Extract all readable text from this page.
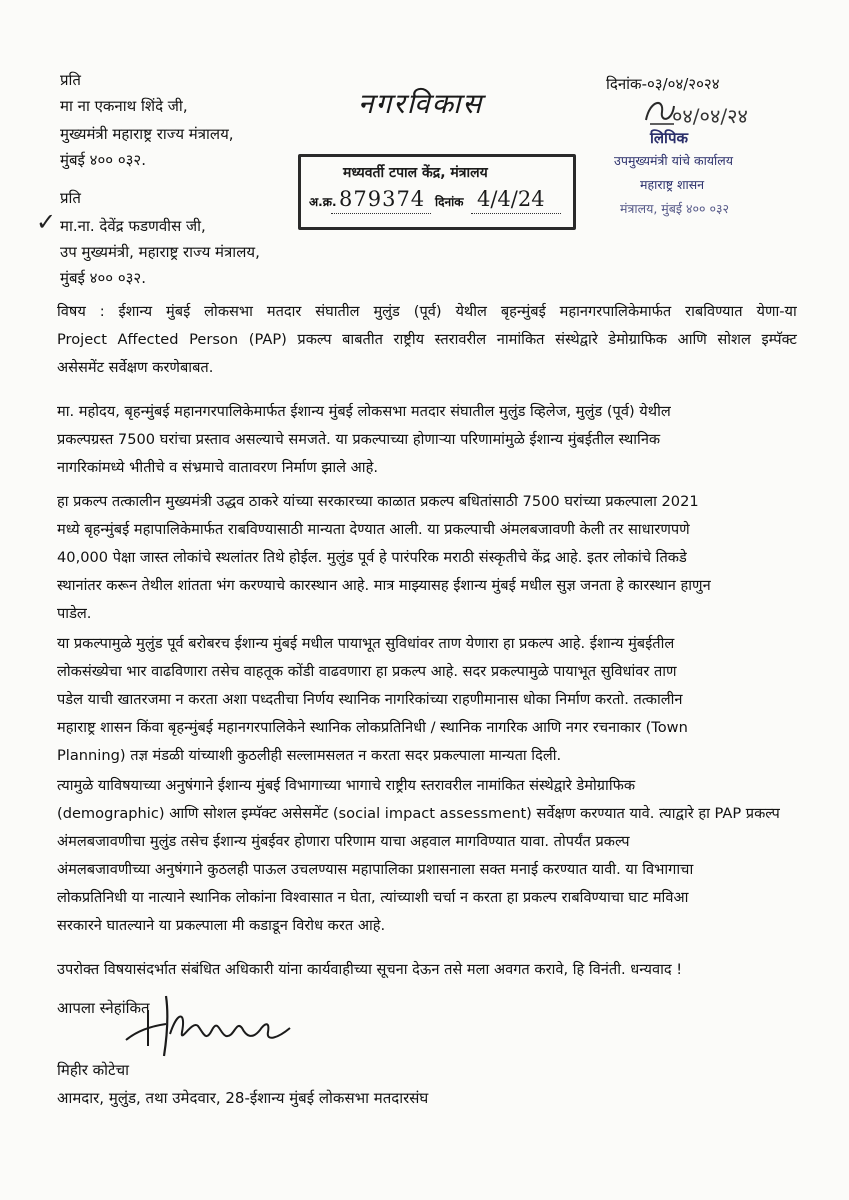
प्रति
मा ना एकनाथ शिंदे जी,
मुख्यमंत्री महाराष्ट्र राज्य मंत्रालय,
मुंबई ४०० ०३२.
प्रति
✓ मा.ना. देवेंद्र फडणवीस जी,
उप मुख्यमंत्री, महाराष्ट्र राज्य मंत्रालय,
मुंबई ४०० ०३२.
नगरविकास
मध्यवर्ती टपाल केंद्र, मंत्रालय
अ.क्र. 879374 दिनांक 4/4/24
दिनांक-०३/०४/२०२४
०४/०४/२४
लिपिक
उपमुख्यमंत्री यांचे कार्यालय
महाराष्ट्र शासन
मंत्रालय, मुंबई ४०० ०३२
विषय : ईशान्य मुंबई लोकसभा मतदार संघातील मुलुंड (पूर्व) येथील बृहन्मुंबई महानगरपालिकेमार्फत राबविण्यात येणा-या
Project Affected Person (PAP) प्रकल्प बाबतीत राष्ट्रीय स्तरावरील नामांकित संस्थेद्वारे डेमोग्राफिक आणि सोशल इम्पॅक्ट
असेसमेंट सर्वेक्षण करणेबाबत.
मा. महोदय, बृहन्मुंबई महानगरपालिकेमार्फत ईशान्य मुंबई लोकसभा मतदार संघातील मुलुंड व्हिलेज, मुलुंड (पूर्व) येथील
प्रकल्पग्रस्त 7500 घरांचा प्रस्ताव असल्याचे समजते. या प्रकल्पाच्या होणाऱ्या परिणामांमुळे ईशान्य मुंबईतील स्थानिक
नागरिकांमध्ये भीतीचे व संभ्रमाचे वातावरण निर्माण झाले आहे.
हा प्रकल्प तत्कालीन मुख्यमंत्री उद्धव ठाकरे यांच्या सरकारच्या काळात प्रकल्प बधितांसाठी 7500 घरांच्या प्रकल्पाला 2021
मध्ये बृहन्मुंबई महापालिकेमार्फत राबविण्यासाठी मान्यता देण्यात आली. या प्रकल्पाची अंमलबजावणी केली तर साधारणपणे
40,000 पेक्षा जास्त लोकांचे स्थलांतर तिथे होईल. मुलुंड पूर्व हे पारंपरिक मराठी संस्कृतीचे केंद्र आहे. इतर लोकांचे तिकडे
स्थानांतर करून तेथील शांतता भंग करण्याचे कारस्थान आहे. मात्र माझ्यासह ईशान्य मुंबई मधील सुज्ञ जनता हे कारस्थान हाणुन
पाडेल.
या प्रकल्पामुळे मुलुंड पूर्व बरोबरच ईशान्य मुंबई मधील पायाभूत सुविधांवर ताण येणारा हा प्रकल्प आहे. ईशान्य मुंबईतील
लोकसंख्येचा भार वाढविणारा तसेच वाहतूक कोंडी वाढवणारा हा प्रकल्प आहे. सदर प्रकल्पामुळे पायाभूत सुविधांवर ताण
पडेल याची खातरजमा न करता अशा पध्दतीचा निर्णय स्थानिक नागरिकांच्या राहणीमानास धोका निर्माण करतो. तत्कालीन
महाराष्ट्र शासन किंवा बृहन्मुंबई महानगरपालिकेने स्थानिक लोकप्रतिनिधी / स्थानिक नागरिक आणि नगर रचनाकार (Town
Planning) तज्ञ मंडळी यांच्याशी कुठलीही सल्लामसलत न करता सदर प्रकल्पाला मान्यता दिली.
त्यामुळे याविषयाच्या अनुषंगाने ईशान्य मुंबई विभागाच्या भागाचे राष्ट्रीय स्तरावरील नामांकित संस्थेद्वारे डेमोग्राफिक
(demographic) आणि सोशल इम्पॅक्ट असेसमेंट (social impact assessment) सर्वेक्षण करण्यात यावे. त्याद्वारे हा PAP प्रकल्प
अंमलबजावणीचा मुलुंड तसेच ईशान्य मुंबईवर होणारा परिणाम याचा अहवाल मागविण्यात यावा. तोपर्यंत प्रकल्प
अंमलबजावणीच्या अनुषंगाने कुठलही पाऊल उचलण्यास महापालिका प्रशासनाला सक्त मनाई करण्यात यावी. या विभागाचा
लोकप्रतिनिधी या नात्याने स्थानिक लोकांना विश्वासात न घेता, त्यांच्याशी चर्चा न करता हा प्रकल्प राबविण्याचा घाट मविआ
सरकारने घातल्याने या प्रकल्पाला मी कडाडून विरोध करत आहे.
उपरोक्त विषयासंदर्भात संबंधित अधिकारी यांना कार्यवाहीच्या सूचना देऊन तसे मला अवगत करावे, हि विनंती. धन्यवाद !
आपला स्नेहांकित
मिहीर कोटेचा
आमदार, मुलुंड, तथा उमेदवार, 28-ईशान्य मुंबई लोकसभा मतदारसंघ
